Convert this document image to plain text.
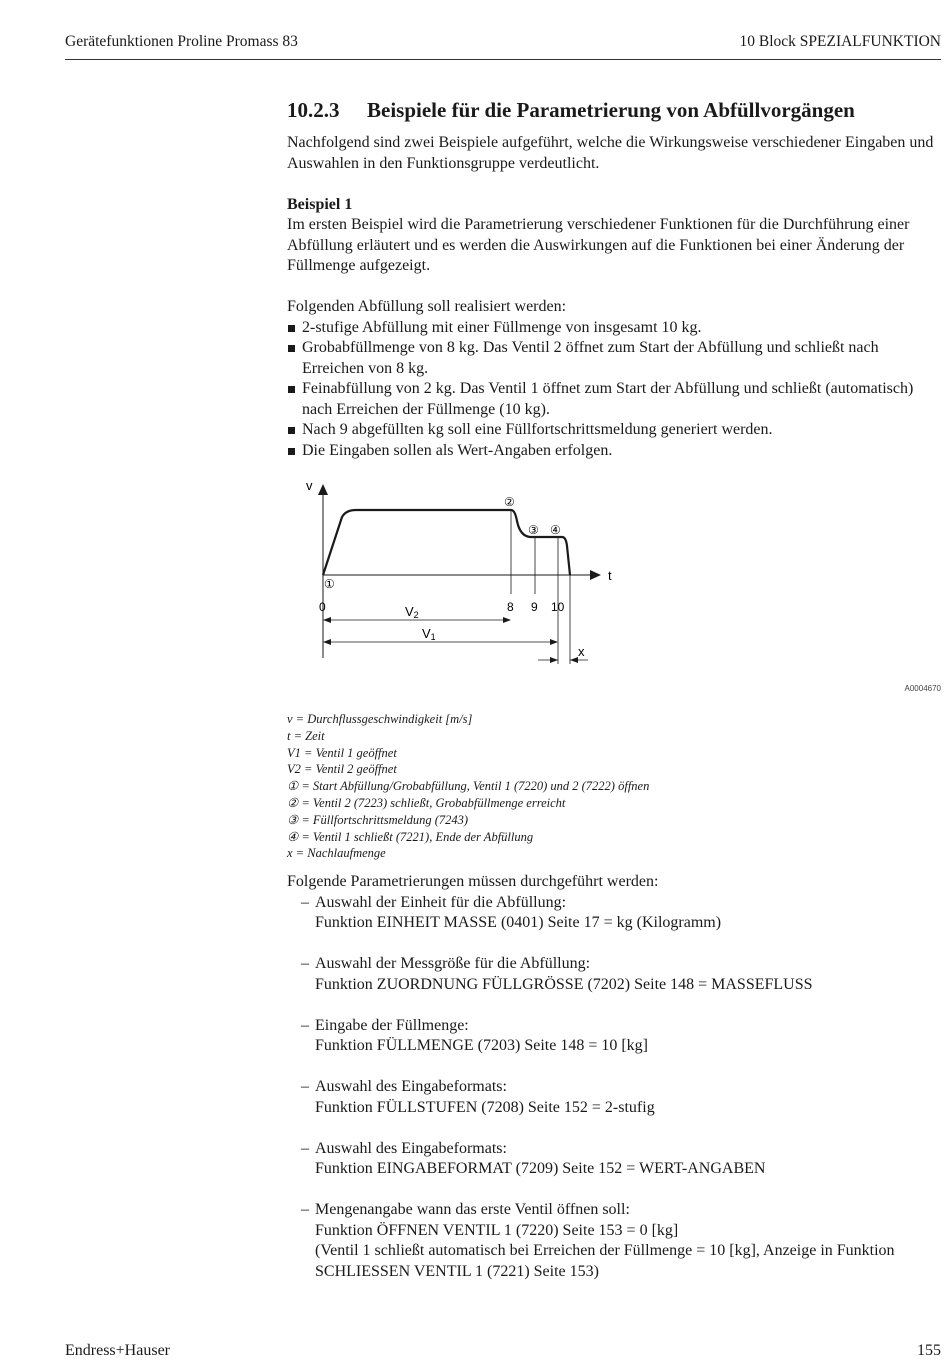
Gerätefunktionen Proline Promass 83	10 Block SPEZIALFUNKTION
10.2.3 Beispiele für die Parametrierung von Abfüllvorgängen

Nachfolgend sind zwei Beispiele aufgeführt, welche die Wirkungsweise verschiedener Eingaben und Auswahlen in den Funktionsgruppe verdeutlicht.

Beispiel 1

Im ersten Beispiel wird die Parametrierung verschiedener Funktionen für die Durchführung einer Abfüllung erläutert und es werden die Auswirkungen auf die Funktionen bei einer Änderung der Füllmenge aufgezeigt.

Folgenden Abfüllung soll realisiert werden:

2-stufige Abfüllung mit einer Füllmenge von insgesamt 10 kg.
Grobabfüllmenge von 8 kg. Das Ventil 2 öffnet zum Start der Abfüllung und schließt nach Erreichen von 8 kg.
Feinabfüllung von 2 kg. Das Ventil 1 öffnet zum Start der Abfüllung und schließt (automatisch) nach Erreichen der Füllmenge (10 kg).
Nach 9 abgefüllten kg soll eine Füllfortschrittsmeldung generiert werden.
Die Eingaben sollen als Wert-Angaben erfolgen.
v
t
①
②
③ ④
0	8 9 10
V2
V1
x
A0004670
v = Durchflussgeschwindigkeit [m/s]
t = Zeit
V1 = Ventil 1 geöffnet
V2 = Ventil 2 geöffnet
① = Start Abfüllung/Grobabfüllung, Ventil 1 (7220) und 2 (7222) öffnen
② = Ventil 2 (7223) schließt, Grobabfüllmenge erreicht
③ = Füllfortschrittsmeldung (7243)
④ = Ventil 1 schließt (7221), Ende der Abfüllung
x = Nachlaufmenge

Folgende Parametrierungen müssen durchgeführt werden:

– Auswahl der Einheit für die Abfüllung:
Funktion EINHEIT MASSE (0401) Seite 17 = kg (Kilogramm)
– Auswahl der Messgröße für die Abfüllung:
Funktion ZUORDNUNG FÜLLGRÖSSE (7202) Seite 148 = MASSEFLUSS
– Eingabe der Füllmenge:
Funktion FÜLLMENGE (7203) Seite 148 = 10 [kg]
– Auswahl des Eingabeformats:
Funktion FÜLLSTUFEN (7208) Seite 152 = 2-stufig
– Auswahl des Eingabeformats:
Funktion EINGABEFORMAT (7209) Seite 152 = WERT-ANGABEN
– Mengenangabe wann das erste Ventil öffnen soll:
Funktion ÖFFNEN VENTIL 1 (7220) Seite 153 = 0 [kg]
(Ventil 1 schließt automatisch bei Erreichen der Füllmenge = 10 [kg], Anzeige in Funktion SCHLIESSEN VENTIL 1 (7221) Seite 153)
Endress+Hauser	155
